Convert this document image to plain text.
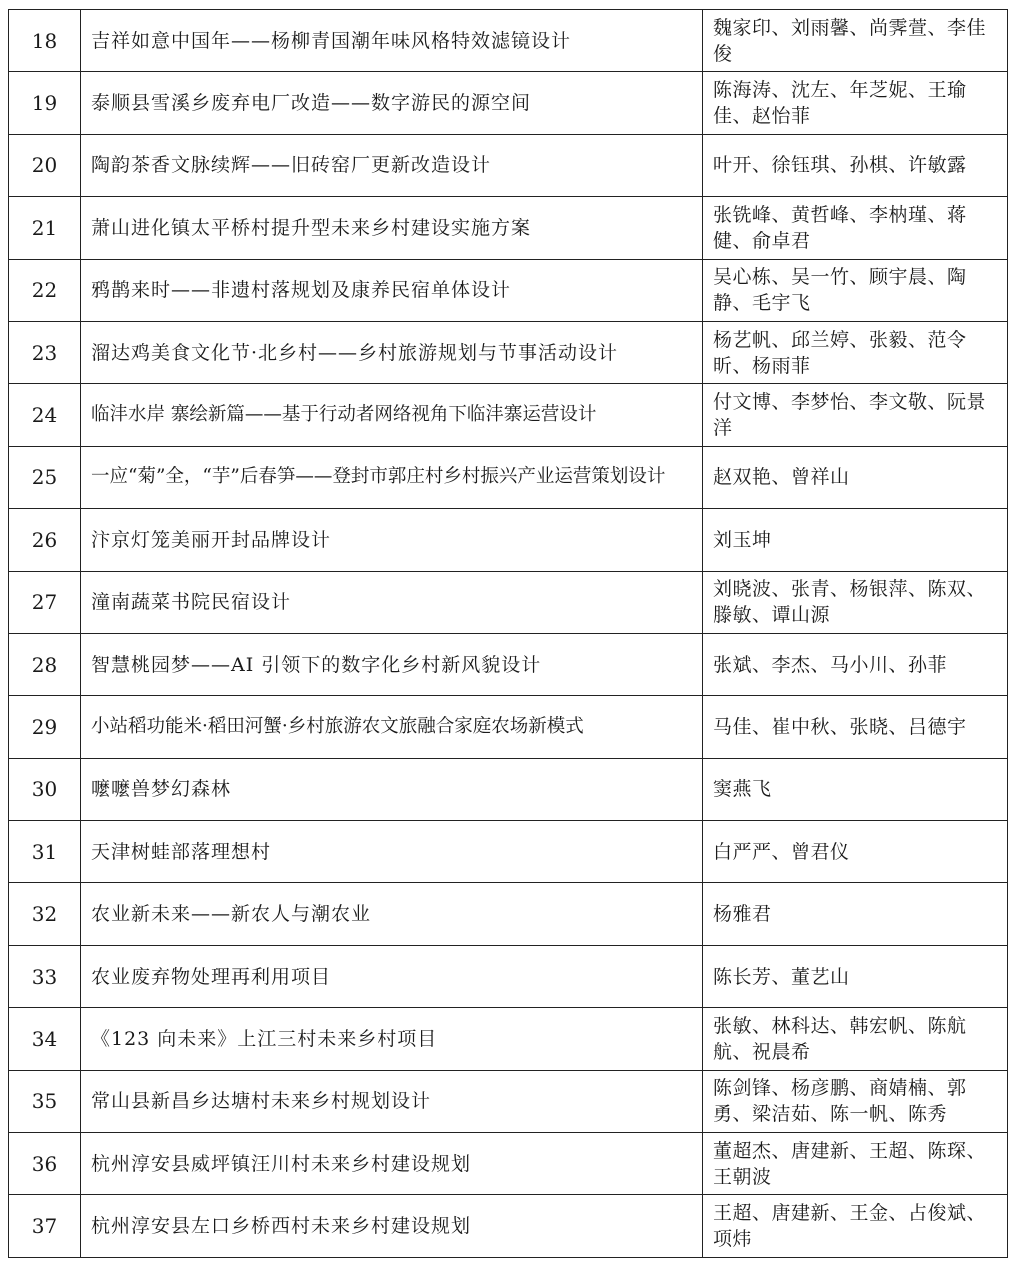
18	吉祥如意中国年——杨柳青国潮年味风格特效滤镜设计	魏家印、刘雨馨、尚霁萱、李佳俊
19	泰顺县雪溪乡废弃电厂改造——数字游民的源空间	陈海涛、沈左、年芝妮、王瑜佳、赵怡菲
20	陶韵茶香文脉续辉——旧砖窑厂更新改造设计	叶开、徐钰琪、孙棋、许敏露
21	萧山进化镇太平桥村提升型未来乡村建设实施方案	张铣峰、黄哲峰、李枘瑾、蒋健、俞卓君
22	鸦鹊来时——非遗村落规划及康养民宿单体设计	吴心栋、吴一竹、顾宇晨、陶静、毛宇飞
23	溜达鸡美食文化节·北乡村——乡村旅游规划与节事活动设计	杨艺帆、邱兰婷、张毅、范令昕、杨雨菲
24	临沣水岸 寨绘新篇——基于行动者网络视角下临沣寨运营设计	付文博、李梦怡、李文敬、阮景洋
25	一应“菊”全，“芋”后春笋——登封市郭庄村乡村振兴产业运营策划设计	赵双艳、曾祥山
26	汴京灯笼美丽开封品牌设计	刘玉坤
27	潼南蔬菜书院民宿设计	刘晓波、张青、杨银萍、陈双、滕敏、谭山源
28	智慧桃园梦——AI 引领下的数字化乡村新风貌设计	张斌、李杰、马小川、孙菲
29	小站稻功能米·稻田河蟹·乡村旅游农文旅融合家庭农场新模式	马佳、崔中秋、张晓、吕德宇
30	嚒嚒兽梦幻森林	窦燕飞
31	天津树蛙部落理想村	白严严、曾君仪
32	农业新未来——新农人与潮农业	杨雅君
33	农业废弃物处理再利用项目	陈长芳、董艺山
34	《123 向未来》上江三村未来乡村项目	张敏、林科达、韩宏帆、陈航航、祝晨希
35	常山县新昌乡达塘村未来乡村规划设计	陈剑锋、杨彦鹏、商婧楠、郭勇、梁洁茹、陈一帆、陈秀
36	杭州淳安县威坪镇汪川村未来乡村建设规划	董超杰、唐建新、王超、陈琛、王朝波
37	杭州淳安县左口乡桥西村未来乡村建设规划	王超、唐建新、王金、占俊斌、项炜
